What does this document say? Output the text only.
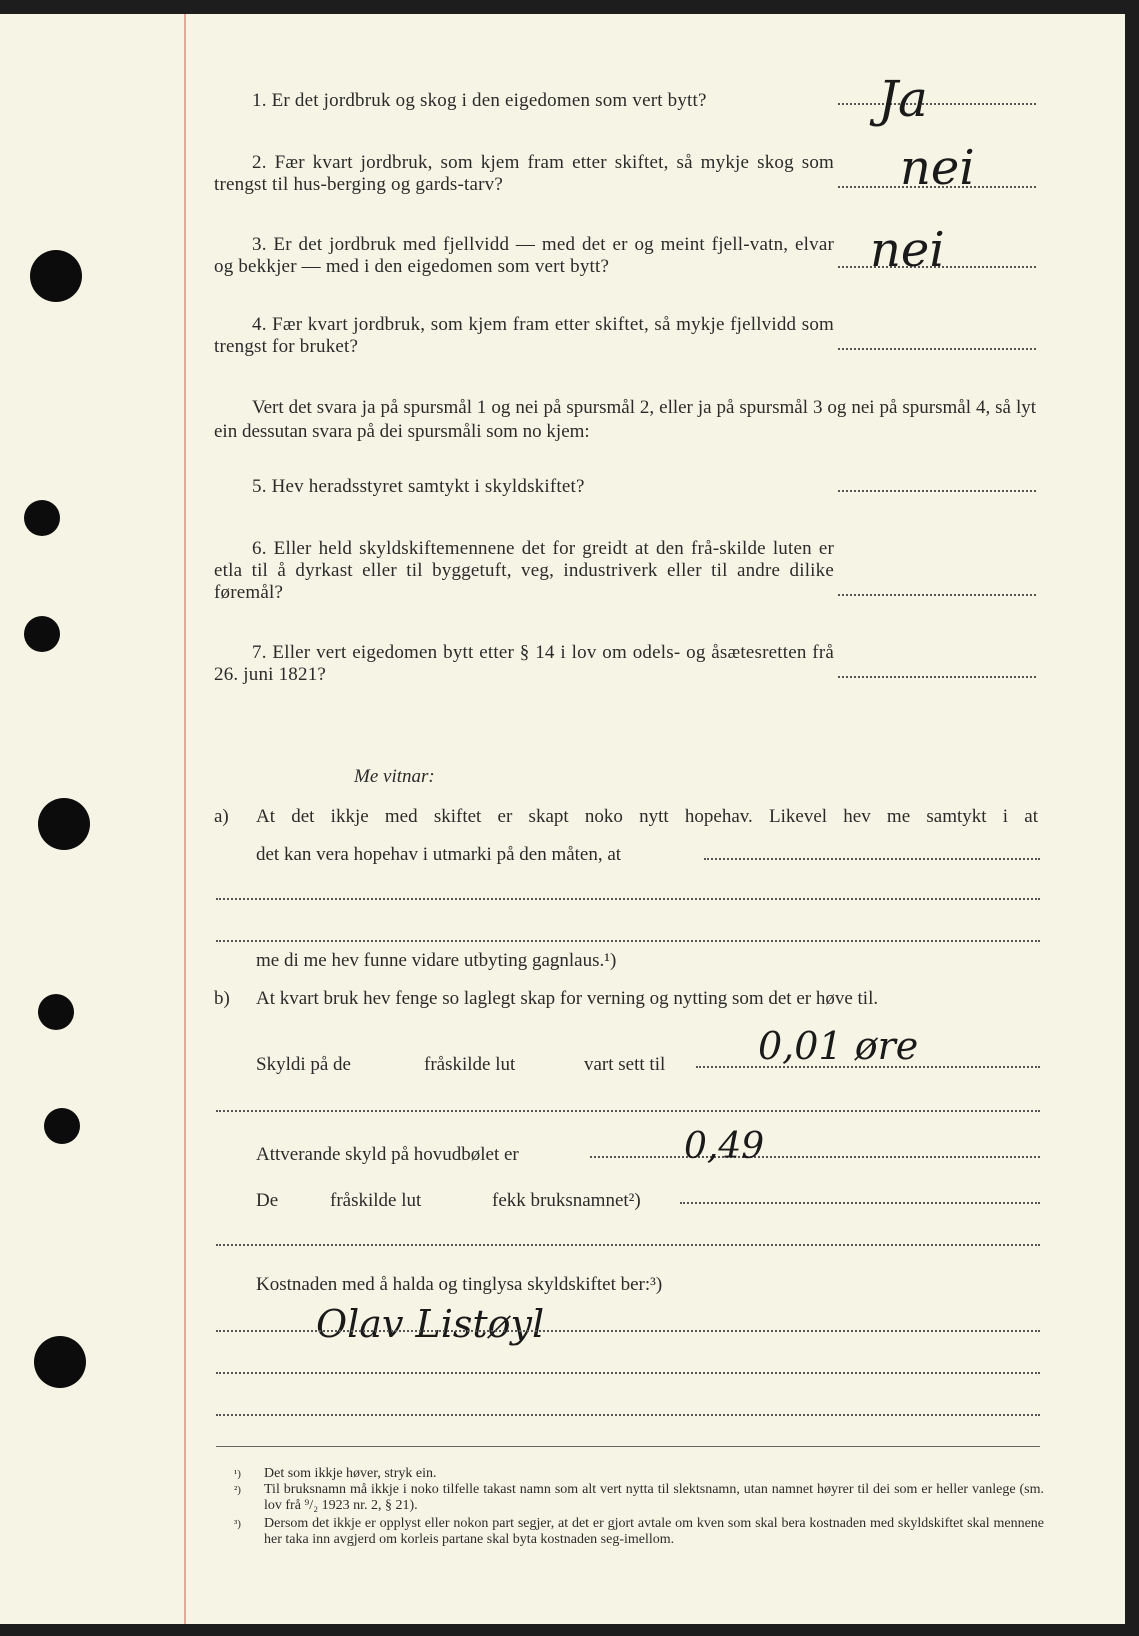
1. Er det jordbruk og skog i den eigedomen som vert bytt?	Ja
2. Fær kvart jordbruk, som kjem fram etter skiftet, så mykje skog som trengst til hus-berging og gards-tarv?	nei
3. Er det jordbruk med fjellvidd — med det er og meint fjell-vatn, elvar og bekkjer — med i den eigedomen som vert bytt?	nei
4. Fær kvart jordbruk, som kjem fram etter skiftet, så mykje fjellvidd som trengst for bruket?
Vert det svara ja på spursmål 1 og nei på spursmål 2, eller ja på spursmål 3 og nei på spursmål 4, så lyt ein dessutan svara på dei spursmåli som no kjem:
5. Hev heradsstyret samtykt i skyldskiftet?
6. Eller held skyldskiftemennene det for greidt at den frå-skilde luten er etla til å dyrkast eller til byggetuft, veg, industriverk eller til andre dilike føremål?
7. Eller vert eigedomen bytt etter § 14 i lov om odels- og åsætesretten frå 26. juni 1821?
Me vitnar:
a) At det ikkje med skiftet er skapt noko nytt hopehav. Likevel hev me samtykt i at
det kan vera hopehav i utmarki på den måten, at
me di me hev funne vidare utbyting gagnlaus.¹)
b) At kvart bruk hev fenge so laglegt skap for verning og nytting som det er høve til.
Skyldi på de	fråskilde lut	vart sett til 0,01 øre
Attverande skyld på hovudbølet er	0,49
De	fråskilde lut	fekk bruksnamnet²)
Kostnaden med å halda og tinglysa skyldskiftet ber:³)
Olav Listøyl
¹) Det som ikkje høver, stryk ein.
²) Til bruksnamn må ikkje i noko tilfelle takast namn som alt vert nytta til slektsnamn, utan namnet høyrer til dei som er heller vanlege (sm. lov frå ⁹/₂ 1923 nr. 2, § 21).
³) Dersom det ikkje er opplyst eller nokon part segjer, at det er gjort avtale om kven som skal bera kostnaden med skyldskiftet skal mennene her taka inn avgjerd om korleis partane skal byta kostnaden seg-imellom.
